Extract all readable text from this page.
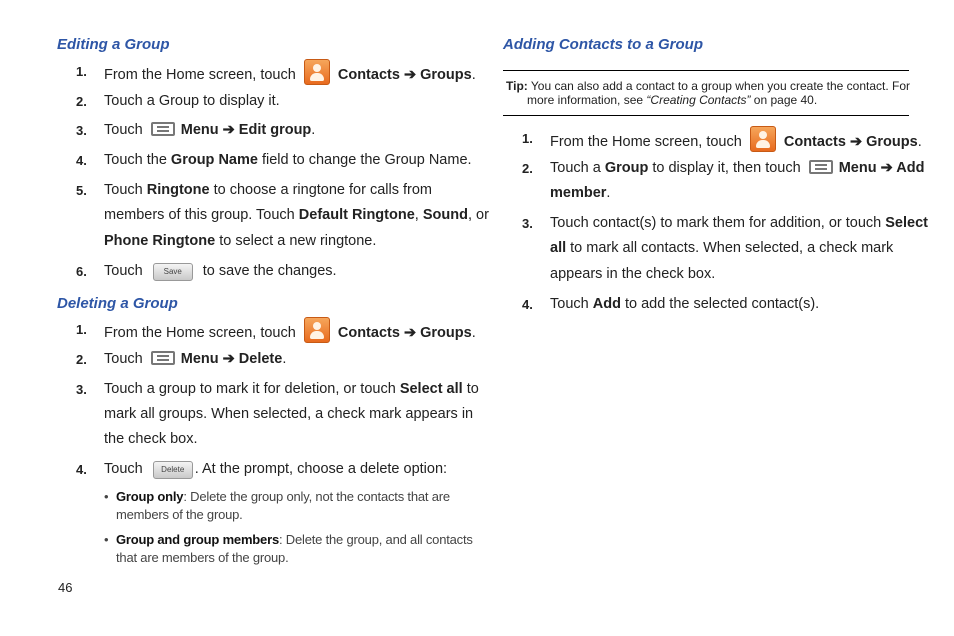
Editing a Group
1. From the Home screen, touch	Contacts ➔ Groups.
2. Touch a Group to display it.
3. Touch	Menu ➔ Edit group.
4. Touch the Group Name field to change the Group Name.
5. Touch Ringtone to choose a ringtone for calls from
members of this group. Touch Default Ringtone, Sound, or
Phone Ringtone to select a new ringtone.
6. Touch	Save to save the changes.
Deleting a Group
1. From the Home screen, touch	Contacts ➔ Groups.
2. Touch	Menu ➔ Delete.
3. Touch a group to mark it for deletion, or touch Select all to
mark all groups. When selected, a check mark appears in
the check box.
4. Touch Delete . At the prompt, choose a delete option:
• Group only: Delete the group only, not the contacts that are
members of the group.
• Group and group members: Delete the group, and all contacts
that are members of the group.
Adding Contacts to a Group
Tip: You can also add a contact to a group when you create the contact. For
more information, see “Creating Contacts” on page 40.
1. From the Home screen, touch	Contacts ➔ Groups.
2. Touch a Group to display it, then touch	Menu ➔ Add
member.
3. Touch contact(s) to mark them for addition, or touch Select
all to mark all contacts. When selected, a check mark
appears in the check box.
4. Touch Add to add the selected contact(s).
46
